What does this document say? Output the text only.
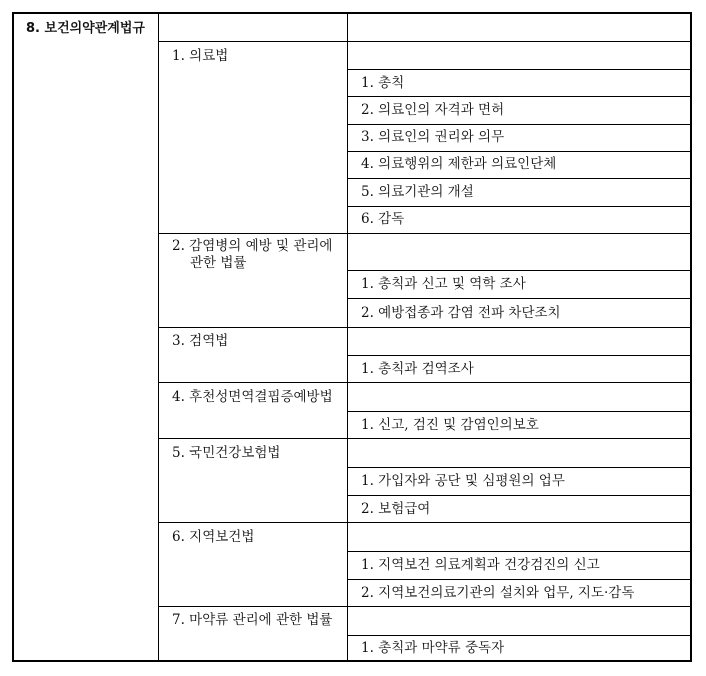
8. 보건의약관계법규
1. 의료법
1. 총칙
2. 의료인의 자격과 면허
3. 의료인의 권리와 의무
4. 의료행위의 제한과 의료인단체
5. 의료기관의 개설
6. 감독
2. 감염병의 예방 및 관리에
관한 법률
1. 총칙과 신고 및 역학 조사
2. 예방접종과 감염 전파 차단조치
3. 검역법
1. 총칙과 검역조사
4. 후천성면역결핍증예방법
1. 신고, 검진 및 감염인의보호
5. 국민건강보험법
1. 가입자와 공단 및 심평원의 업무
2. 보험급여
6. 지역보건법
1. 지역보건 의료계획과 건강검진의 신고
2. 지역보건의료기관의 설치와 업무, 지도·감독
7. 마약류 관리에 관한 법률
1. 총칙과 마약류 중독자
